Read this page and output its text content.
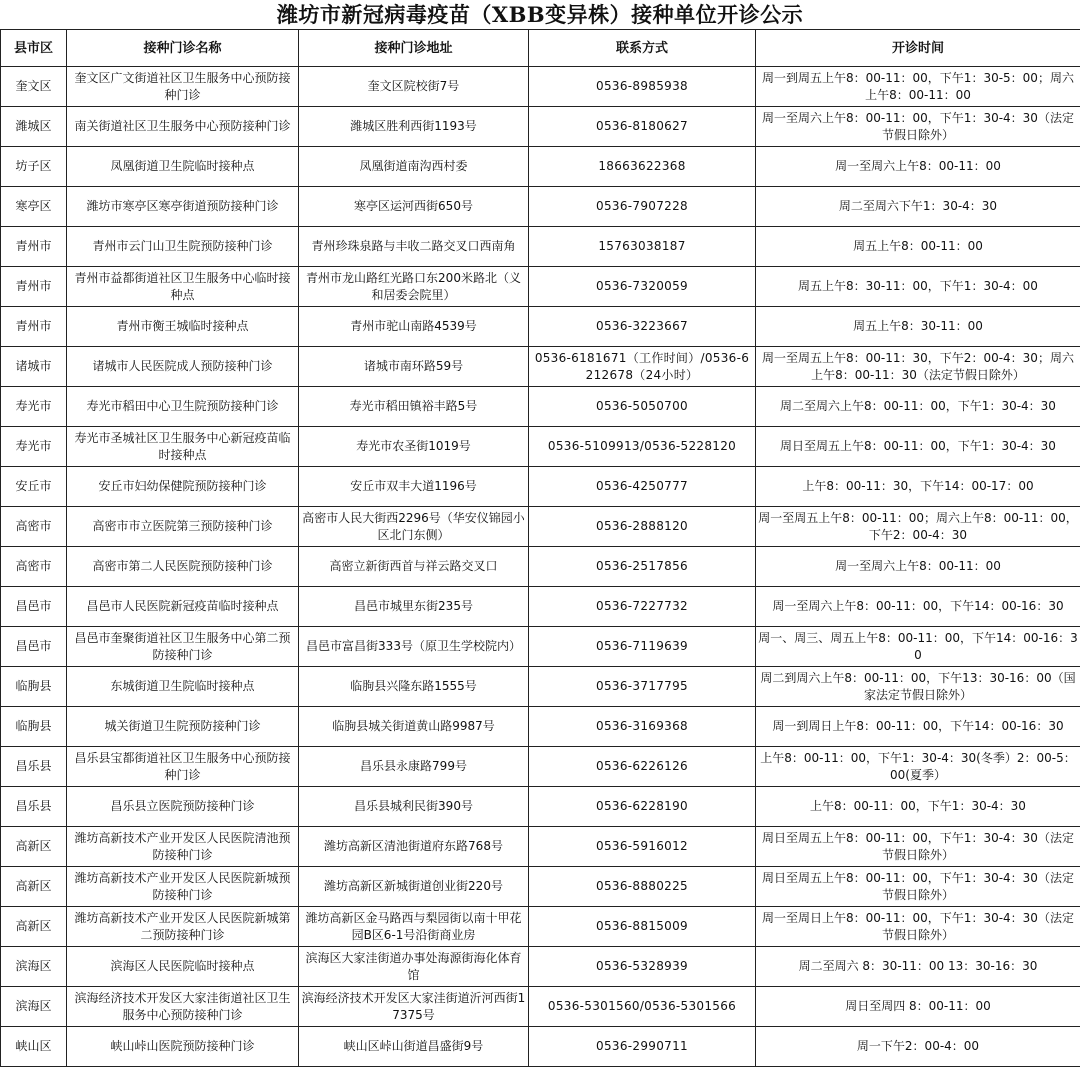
潍坊市新冠病毒疫苗（XBB变异株）接种单位开诊公示
县市区	接种门诊名称	接种门诊地址	联系方式	开诊时间
奎文区	奎文区广文街道社区卫生服务中心预防接种门诊	奎文区院校街7号	0536-8985938	周一到周五上午8：00-11：00，下午1：30-5：00；周六上午8：00-11：00
潍城区	南关街道社区卫生服务中心预防接种门诊	潍城区胜利西街1193号	0536-8180627	周一至周六上午8：00-11：00，下午1：30-4：30（法定节假日除外）
坊子区	凤凰街道卫生院临时接种点	凤凰街道南沟西村委	18663622368	周一至周六上午8：00-11：00
寒亭区	潍坊市寒亭区寒亭街道预防接种门诊	寒亭区运河西街650号	0536-7907228	周二至周六下午1：30-4：30
青州市	青州市云门山卫生院预防接种门诊	青州珍珠泉路与丰收二路交叉口西南角	15763038187	周五上午8：00-11：00
青州市	青州市益都街道社区卫生服务中心临时接种点	青州市龙山路红光路口东200米路北（义和居委会院里）	0536-7320059	周五上午8：30-11：00，下午1：30-4：00
青州市	青州市衡王城临时接种点	青州市驼山南路4539号	0536-3223667	周五上午8：30-11：00
诸城市	诸城市人民医院成人预防接种门诊	诸城市南环路59号	0536-6181671（工作时间）/0536-6212678（24小时）	周一至周五上午8：00-11：30，下午2：00-4：30；周六上午8：00-11：30（法定节假日除外）
寿光市	寿光市稻田中心卫生院预防接种门诊	寿光市稻田镇裕丰路5号	0536-5050700	周二至周六上午8：00-11：00，下午1：30-4：30
寿光市	寿光市圣城社区卫生服务中心新冠疫苗临时接种点	寿光市农圣街1019号	0536-5109913/0536-5228120	周日至周五上午8：00-11：00，下午1：30-4：30
安丘市	安丘市妇幼保健院预防接种门诊	安丘市双丰大道1196号	0536-4250777	上午8：00-11：30，下午14：00-17：00
高密市	高密市市立医院第三预防接种门诊	高密市人民大街西2296号（华安仪锦园小区北门东侧）	0536-2888120	周一至周五上午8：00-11：00；周六上午8：00-11：00，下午2：00-4：30
高密市	高密市第二人民医院预防接种门诊	高密立新街西首与祥云路交叉口	0536-2517856	周一至周六上午8：00-11：00
昌邑市	昌邑市人民医院新冠疫苗临时接种点	昌邑市城里东街235号	0536-7227732	周一至周六上午8：00-11：00，下午14：00-16：30
昌邑市	昌邑市奎聚街道社区卫生服务中心第二预防接种门诊	昌邑市富昌街333号（原卫生学校院内）	0536-7119639	周一、周三、周五上午8：00-11：00，下午14：00-16：30
临朐县	东城街道卫生院临时接种点	临朐县兴隆东路1555号	0536-3717795	周二到周六上午8：00-11：00，下午13：30-16：00（国家法定节假日除外）
临朐县	城关街道卫生院预防接种门诊	临朐县城关街道黄山路9987号	0536-3169368	周一到周日上午8：00-11：00，下午14：00-16：30
昌乐县	昌乐县宝都街道社区卫生服务中心预防接种门诊	昌乐县永康路799号	0536-6226126	上午8：00-11：00，下午1：30-4：30(冬季）2：00-5：00(夏季）
昌乐县	昌乐县立医院预防接种门诊	昌乐县城利民街390号	0536-6228190	上午8：00-11：00，下午1：30-4：30
高新区	潍坊高新技术产业开发区人民医院清池预防接种门诊	潍坊高新区清池街道府东路768号	0536-5916012	周日至周五上午8：00-11：00，下午1：30-4：30（法定节假日除外）
高新区	潍坊高新技术产业开发区人民医院新城预防接种门诊	潍坊高新区新城街道创业街220号	0536-8880225	周日至周五上午8：00-11：00，下午1：30-4：30（法定节假日除外）
高新区	潍坊高新技术产业开发区人民医院新城第二预防接种门诊	潍坊高新区金马路西与梨园街以南十甲花园B区6-1号沿街商业房	0536-8815009	周一至周日上午8：00-11：00，下午1：30-4：30（法定节假日除外）
滨海区	滨海区人民医院临时接种点	滨海区大家洼街道办事处海源街海化体育馆	0536-5328939	周二至周六 8：30-11：00 13：30-16：30
滨海区	滨海经济技术开发区大家洼街道社区卫生服务中心预防接种门诊	滨海经济技术开发区大家洼街道沂河西街17375号	0536-5301560/0536-5301566	周日至周四 8：00-11：00
峡山区	峡山峠山医院预防接种门诊	峡山区峠山街道昌盛街9号	0536-2990711	周一下午2：00-4：00
